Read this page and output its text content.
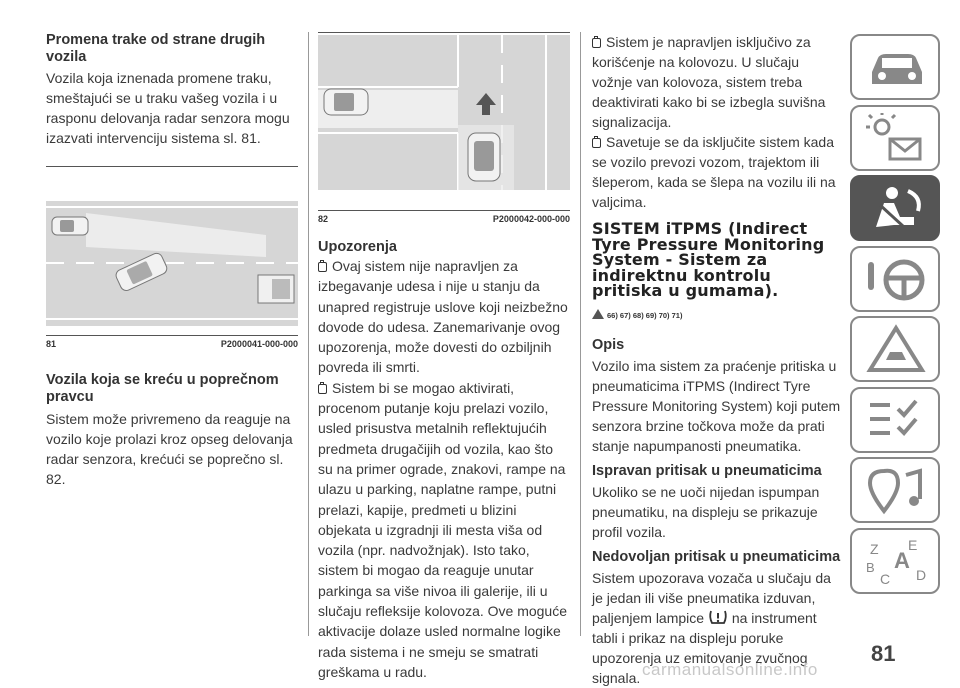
Promena trake od strane drugih vozila

Vozila koja iznenada promene traku, smeštajući se u traku vašeg vozila i u rasponu delovanja radar senzora mogu izazvati intervenciju sistema sl. 81.

81	P2000041-000-000
Vozila koja se kreću u poprečnom pravcu

Sistem može privremeno da reaguje na vozilo koje prolazi kroz opseg delovanja radar senzora, krećući se poprečno sl. 82.

82	P2000042-000-000
Upozorenja

Ovaj sistem nije napravljen za izbegavanje udesa i nije u stanju da unapred registruje uslove koji neizbežno dovode do udesa. Zanemarivanje ovog upozorenja, može dovesti do ozbiljnih povreda ili smrti.

Sistem bi se mogao aktivirati, procenom putanje koju prelazi vozilo, usled prisustva metalnih reflektujućih predmeta drugačijih od vozila, kao što su na primer ograde, znakovi, rampe na ulazu u parking, naplatne rampe, putni prelazi, kapije, predmeti u blizini objekata u izgradnji ili mesta viša od vozila (npr. nadvožnjak). Isto tako, sistem bi mogao da reaguje unutar parkinga sa više nivoa ili galerije, ili u slučaju refleksije kolovoza. Ove moguće aktivacije dolaze usled normalne logike rada sistema i ne smeju se smatrati greškama u radu.

Sistem je napravljen isključivo za korišćenje na kolovozu. U slučaju vožnje van kolovoza, sistem treba deaktivirati kako bi se izbegla suvišna signalizacija.

Savetuje se da isključite sistem kada se vozilo prevozi vozom, trajektom ili šleperom, kada se šlepa na vozilu ili na valjcima.

SISTEM iTPMS (Indirect Tyre Pressure Monitoring System - Sistem za indirektnu kontrolu pritiska u gumama).
66) 67) 68) 69) 70) 71)
Opis

Vozilo ima sistem za praćenje pritiska u pneumaticima iTPMS (Indirect Tyre Pressure Monitoring System) koji putem senzora brzine točkova može da prati stanje napumpanosti pneumatika.

Ispravan pritisak u pneumaticima

Ukoliko se ne uoči nijedan ispumpan pneumatiku, na displeju se prikazuje profil vozila.

Nedovoljan pritisak u pneumaticima

Sistem upozorava vozača u slučaju da je jedan ili više pneumatika izduvan, paljenjem lampice na instrument tabli i prikaz na displeju poruke upozorenja uz emitovanje zvučnog signala.

Z E
B A
C D
81
carmanualsonline.info
